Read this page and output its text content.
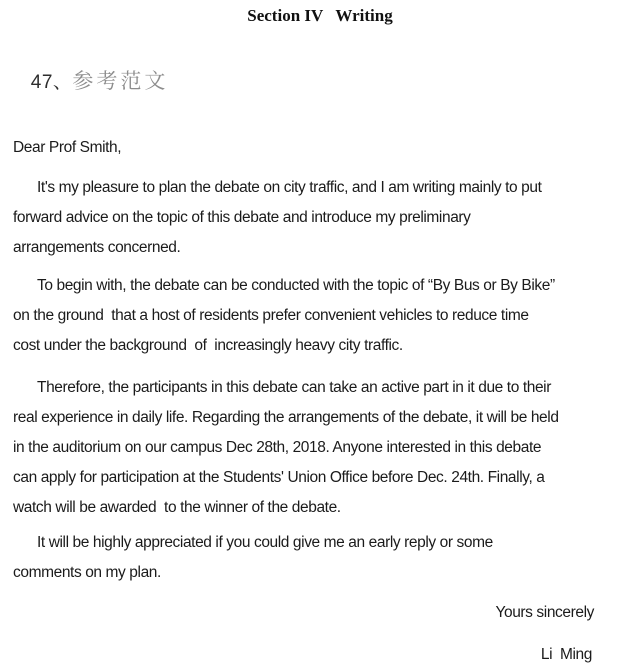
Section IV   Writing

47、参考范文

Dear Prof Smith,
It's my pleasure to plan the debate on city traffic, and I am writing mainly to put
forward advice on the topic of this debate and introduce my preliminary
arrangements concerned.
To begin with, the debate can be conducted with the topic of “By Bus or By Bike”
on the ground  that a host of residents prefer convenient vehicles to reduce time
cost under the background  of  increasingly heavy city traffic.
Therefore, the participants in this debate can take an active part in it due to their
real experience in daily life. Regarding the arrangements of the debate, it will be held
in the auditorium on our campus Dec 28th, 2018. Anyone interested in this debate
can apply for participation at the Students' Union Office before Dec. 24th. Finally, a
watch will be awarded  to the winner of the debate.
It will be highly appreciated if you could give me an early reply or some
comments on my plan.
Yours sincerely
Li  Ming
